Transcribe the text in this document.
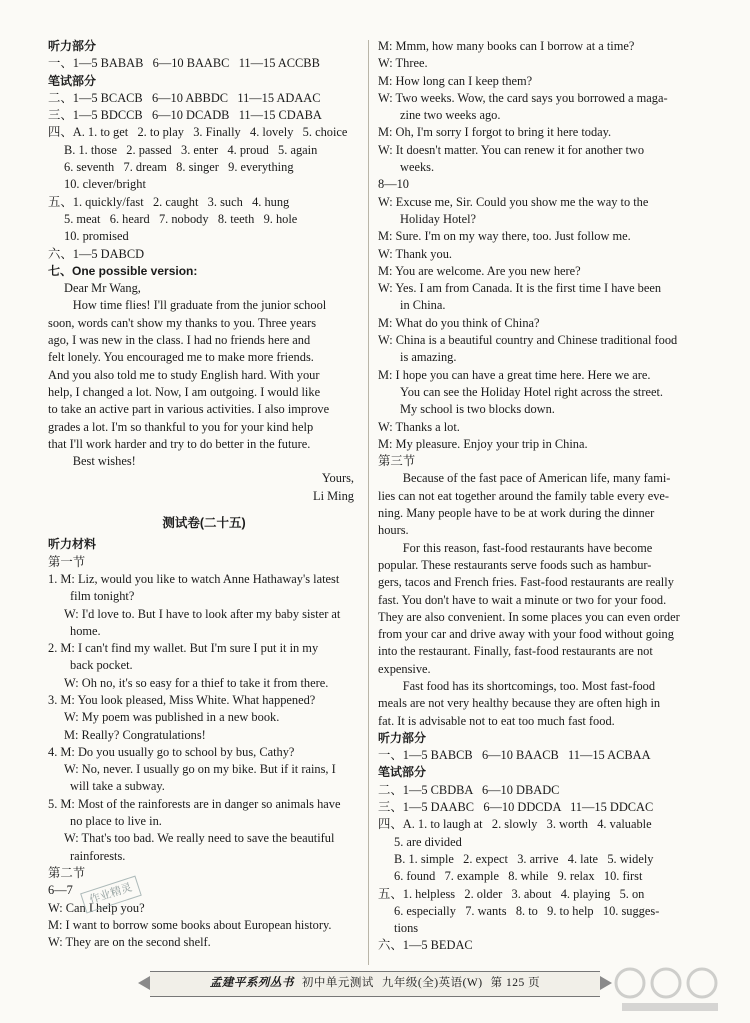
听力部分
一、1—5 BABAB   6—10 BAABC   11—15 ACCBB
笔试部分
二、1—5 BCACB   6—10 ABBDC   11—15 ADAAC
三、1—5 BDCCB   6—10 DCADB   11—15 CDABA
四、A. 1. to get   2. to play   3. Finally   4. lovely   5. choice
B. 1. those   2. passed   3. enter   4. proud   5. again
6. seventh   7. dream   8. singer   9. everything
10. clever/bright
五、1. quickly/fast   2. caught   3. such   4. hung
5. meat   6. heard   7. nobody   8. teeth   9. hole
10. promised
六、1—5 DABCD
七、One possible version:
Dear Mr Wang,
How time flies! I'll graduate from the junior school
soon, words can't show my thanks to you. Three years
ago, I was new in the class. I had no friends here and
felt lonely. You encouraged me to make more friends.
And you also told me to study English hard. With your
help, I changed a lot. Now, I am outgoing. I would like
to take an active part in various activities. I also improve
grades a lot. I'm so thankful to you for your kind help
that I'll work harder and try to do better in the future.
Best wishes!
Yours,
Li Ming
测试卷(二十五)
听力材料
第一节
1. M: Liz, would you like to watch Anne Hathaway's latest
film tonight?
W: I'd love to. But I have to look after my baby sister at
home.
2. M: I can't find my wallet. But I'm sure I put it in my
back pocket.
W: Oh no, it's so easy for a thief to take it from there.
3. M: You look pleased, Miss White. What happened?
W: My poem was published in a new book.
M: Really? Congratulations!
4. M: Do you usually go to school by bus, Cathy?
W: No, never. I usually go on my bike. But if it rains, I
will take a subway.
5. M: Most of the rainforests are in danger so animals have
no place to live in.
W: That's too bad. We really need to save the beautiful
rainforests.
第二节
6—7
W: Can I help you?
M: I want to borrow some books about European history.
W: They are on the second shelf.
M: Mmm, how many books can I borrow at a time?
W: Three.
M: How long can I keep them?
W: Two weeks. Wow, the card says you borrowed a maga-
zine two weeks ago.
M: Oh, I'm sorry I forgot to bring it here today.
W: It doesn't matter. You can renew it for another two
weeks.
8—10
W: Excuse me, Sir. Could you show me the way to the
Holiday Hotel?
M: Sure. I'm on my way there, too. Just follow me.
W: Thank you.
M: You are welcome. Are you new here?
W: Yes. I am from Canada. It is the first time I have been
in China.
M: What do you think of China?
W: China is a beautiful country and Chinese traditional food
is amazing.
M: I hope you can have a great time here. Here we are.
You can see the Holiday Hotel right across the street.
My school is two blocks down.
W: Thanks a lot.
M: My pleasure. Enjoy your trip in China.
第三节
Because of the fast pace of American life, many fami-
lies can not eat together around the family table every eve-
ning. Many people have to be at work during the dinner
hours.
For this reason, fast-food restaurants have become
popular. These restaurants serve foods such as hambur-
gers, tacos and French fries. Fast-food restaurants are really
fast. You don't have to wait a minute or two for your food.
They are also convenient. In some places you can even order
from your car and drive away with your food without going
into the restaurant. Finally, fast-food restaurants are not
expensive.
Fast food has its shortcomings, too. Most fast-food
meals are not very healthy because they are often high in
fat. It is advisable not to eat too much fast food.
听力部分
一、1—5 BABCB   6—10 BAACB   11—15 ACBAA
笔试部分
二、1—5 CBDBA   6—10 DBADC
三、1—5 DAABC   6—10 DDCDA   11—15 DDCAC
四、A. 1. to laugh at   2. slowly   3. worth   4. valuable
5. are divided
B. 1. simple   2. expect   3. arrive   4. late   5. widely
6. found   7. example   8. while   9. relax   10. first
五、1. helpless   2. older   3. about   4. playing   5. on
6. especially   7. wants   8. to   9. to help   10. sugges-
tions
六、1—5 BEDAC
作业精灵
孟建平系列丛书 初中单元测试 九年级(全)英语(W) 第 125 页
